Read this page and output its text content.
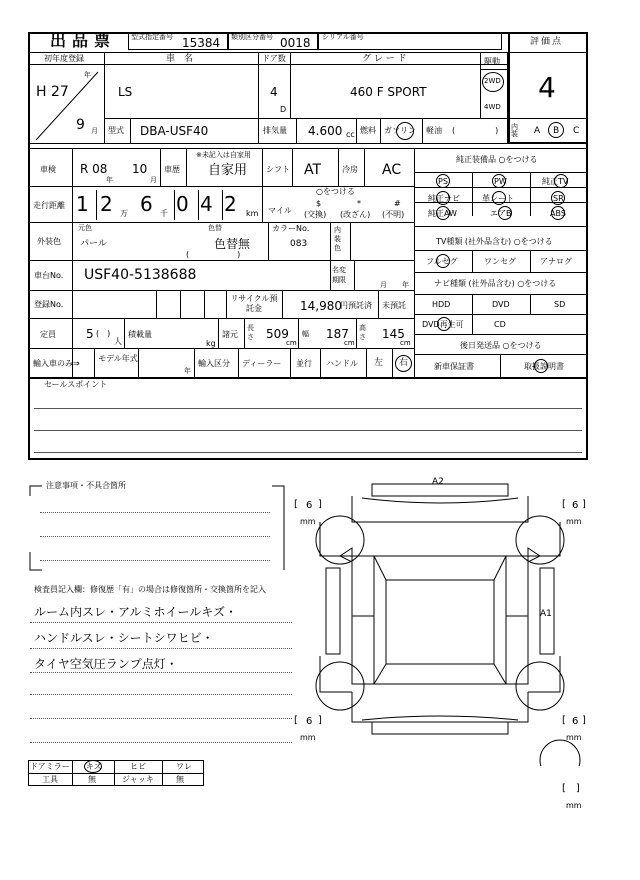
出品票 型式指定番号 15384 類別区分番号 0018 シリアル番号	評価点
4
内装 A B C
初年度登録
年
H 27
9 月
車　名
LS
ドア数
4
D
グ レ ー ド
460 F SPORT
駆動
2WD
4WD
型式 DBA-USF40	排気量 4.600 cc 燃料 ガソリン 軽油 (　　　　　)
車検 R 08
年
10
月
車歴
※未記入は自家用
自家用 シフト AT	冷房 AC
走行距離 1 2 万 6 千 0 4 2 km
○をつける
マイル
$
(交換)
*
(改ざん)
#
(不明)
外装色
元色
パール
色替
色替無
(　　　　　　)
カラーNo.
083
内装色
車台No. USF40-5138688	名変期限
月 年
登録No.
リサイクル預託金	14,980
円預託済 未預託
定員	5 (　)
人
積載量
kg
諸元
長さ 509
cm
幅 187
cm
高さ 145
cm
輸入車のみ⇒
モデル年式
年
輸入区分 ディーラー 並行 ハンドル 左 右
純正装備品 ○をつける
PS	PW	純正TV
純正ナビ	革シート	SR
純正AW	エアB	ABS
TV種類 (社外品含む) ○をつける
フルセグ	ワンセグ	アナログ
ナビ種類 (社外品含む) ○をつける
HDD	DVD	SD
DVD再生可	CD
後日発送品 ○をつける
新車保証書	取扱説明書
セールスポイント
注意事項・不具合箇所
検査員記入欄：修復歴「有」の場合は修復箇所・交換箇所を記入
ルーム内スレ・アルミホイールキズ・
ハンドルスレ・シートシワヒビ・
タイヤ空気圧ランプ点灯・
ドアミラー キズ	ヒビ	ワレ
工具	無	ジャッキ	無
A2
A1
[ 6 ]
mm
[ 6 ]
mm
[ 6 ]
mm
[ 6 ]
mm
[　]
mm
